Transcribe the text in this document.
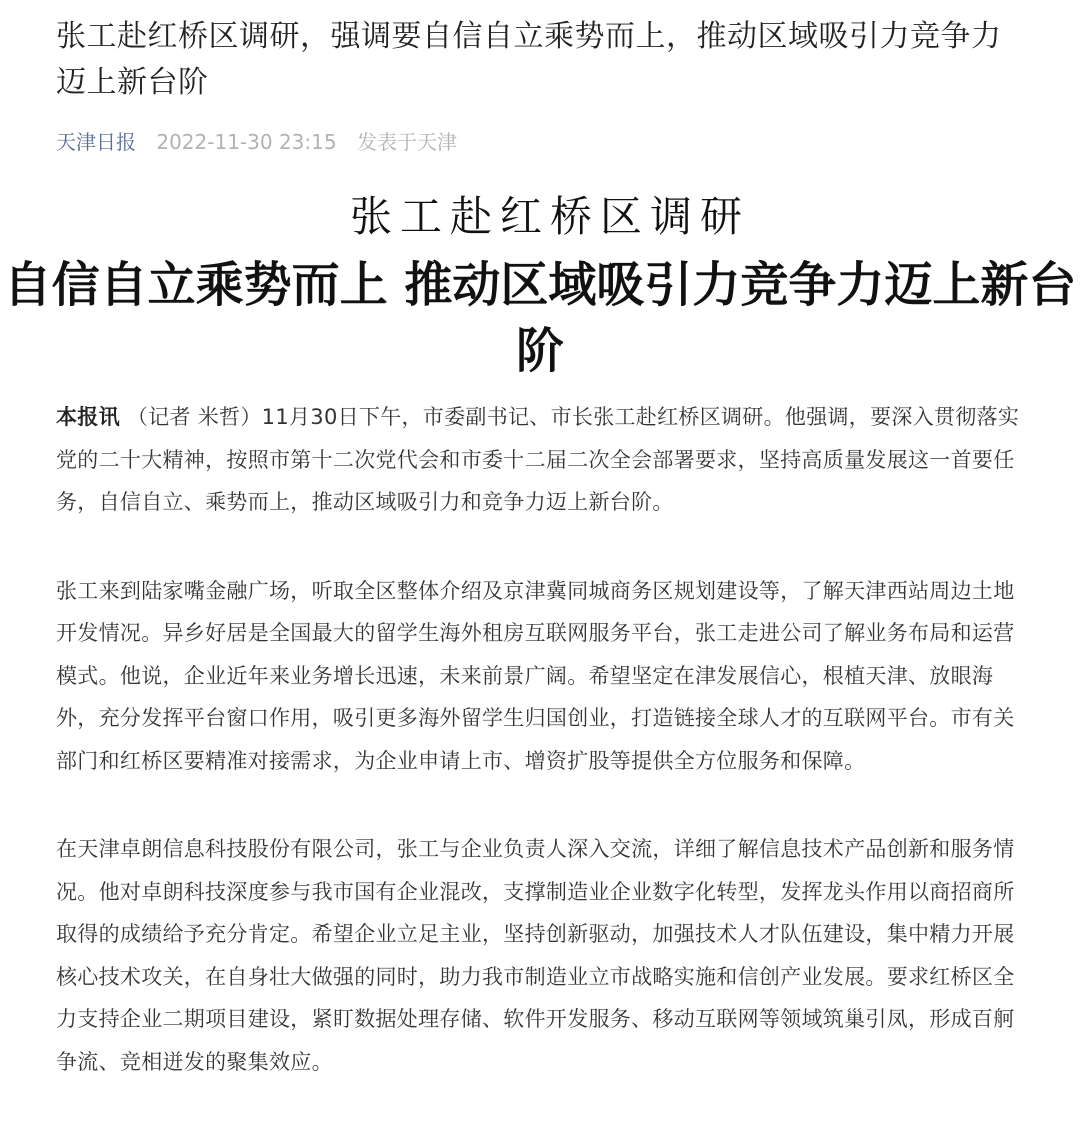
张工赴红桥区调研，强调要自信自立乘势而上，推动区域吸引力竞争力迈上新台阶
天津日报 2022-11-30 23:15 发表于天津
张工赴红桥区调研
自信自立乘势而上 推动区域吸引力竞争力迈上新台阶

本报讯 （记者 米哲）11月30日下午，市委副书记、市长张工赴红桥区调研。他强调，要深入贯彻落实党的二十大精神，按照市第十二次党代会和市委十二届二次全会部署要求，坚持高质量发展这一首要任务，自信自立、乘势而上，推动区域吸引力和竞争力迈上新台阶。

张工来到陆家嘴金融广场，听取全区整体介绍及京津冀同城商务区规划建设等，了解天津西站周边土地开发情况。异乡好居是全国最大的留学生海外租房互联网服务平台，张工走进公司了解业务布局和运营模式。他说，企业近年来业务增长迅速，未来前景广阔。希望坚定在津发展信心，根植天津、放眼海外，充分发挥平台窗口作用，吸引更多海外留学生归国创业，打造链接全球人才的互联网平台。市有关部门和红桥区要精准对接需求，为企业申请上市、增资扩股等提供全方位服务和保障。

在天津卓朗信息科技股份有限公司，张工与企业负责人深入交流，详细了解信息技术产品创新和服务情况。他对卓朗科技深度参与我市国有企业混改，支撑制造业企业数字化转型，发挥龙头作用以商招商所取得的成绩给予充分肯定。希望企业立足主业，坚持创新驱动，加强技术人才队伍建设，集中精力开展核心技术攻关，在自身壮大做强的同时，助力我市制造业立市战略实施和信创产业发展。要求红桥区全力支持企业二期项目建设，紧盯数据处理存储、软件开发服务、移动互联网等领域筑巢引凤，形成百舸争流、竞相迸发的聚集效应。
